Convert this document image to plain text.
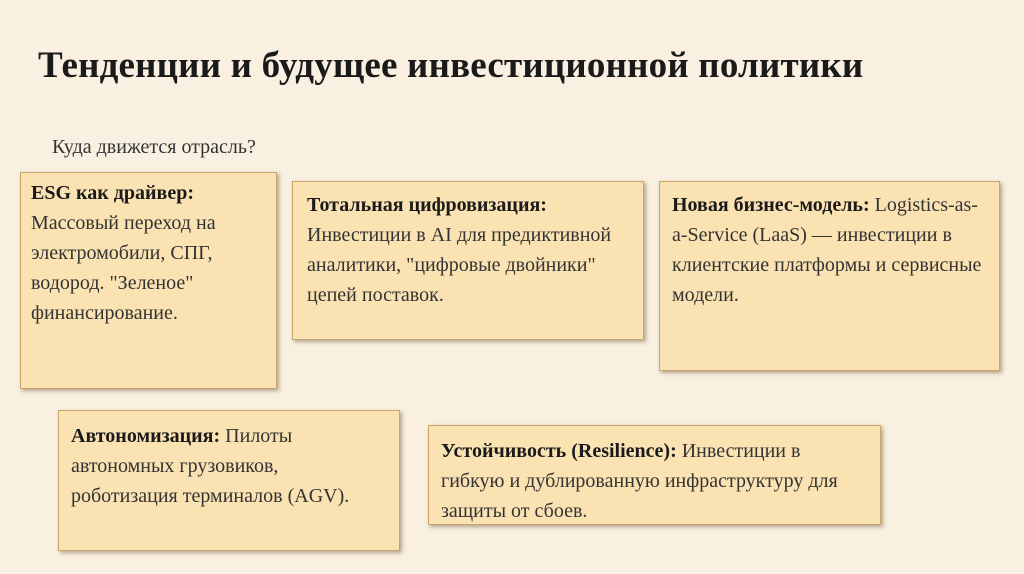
Тенденции и будущее инвестиционной политики
Куда движется отрасль?
ESG как драйвер: Массовый переход на электромобили, СПГ, водород. "Зеленое" финансирование.
Тотальная цифровизация: Инвестиции в AI для предиктивной аналитики, "цифровые двойники" цепей поставок.
Новая бизнес-модель: Logistics-as-a-Service (LaaS) — инвестиции в клиентские платформы и сервисные модели.
Автономизация: Пилоты автономных грузовиков, роботизация терминалов (AGV).
Устойчивость (Resilience): Инвестиции в гибкую и дублированную инфраструктуру для защиты от сбоев.
